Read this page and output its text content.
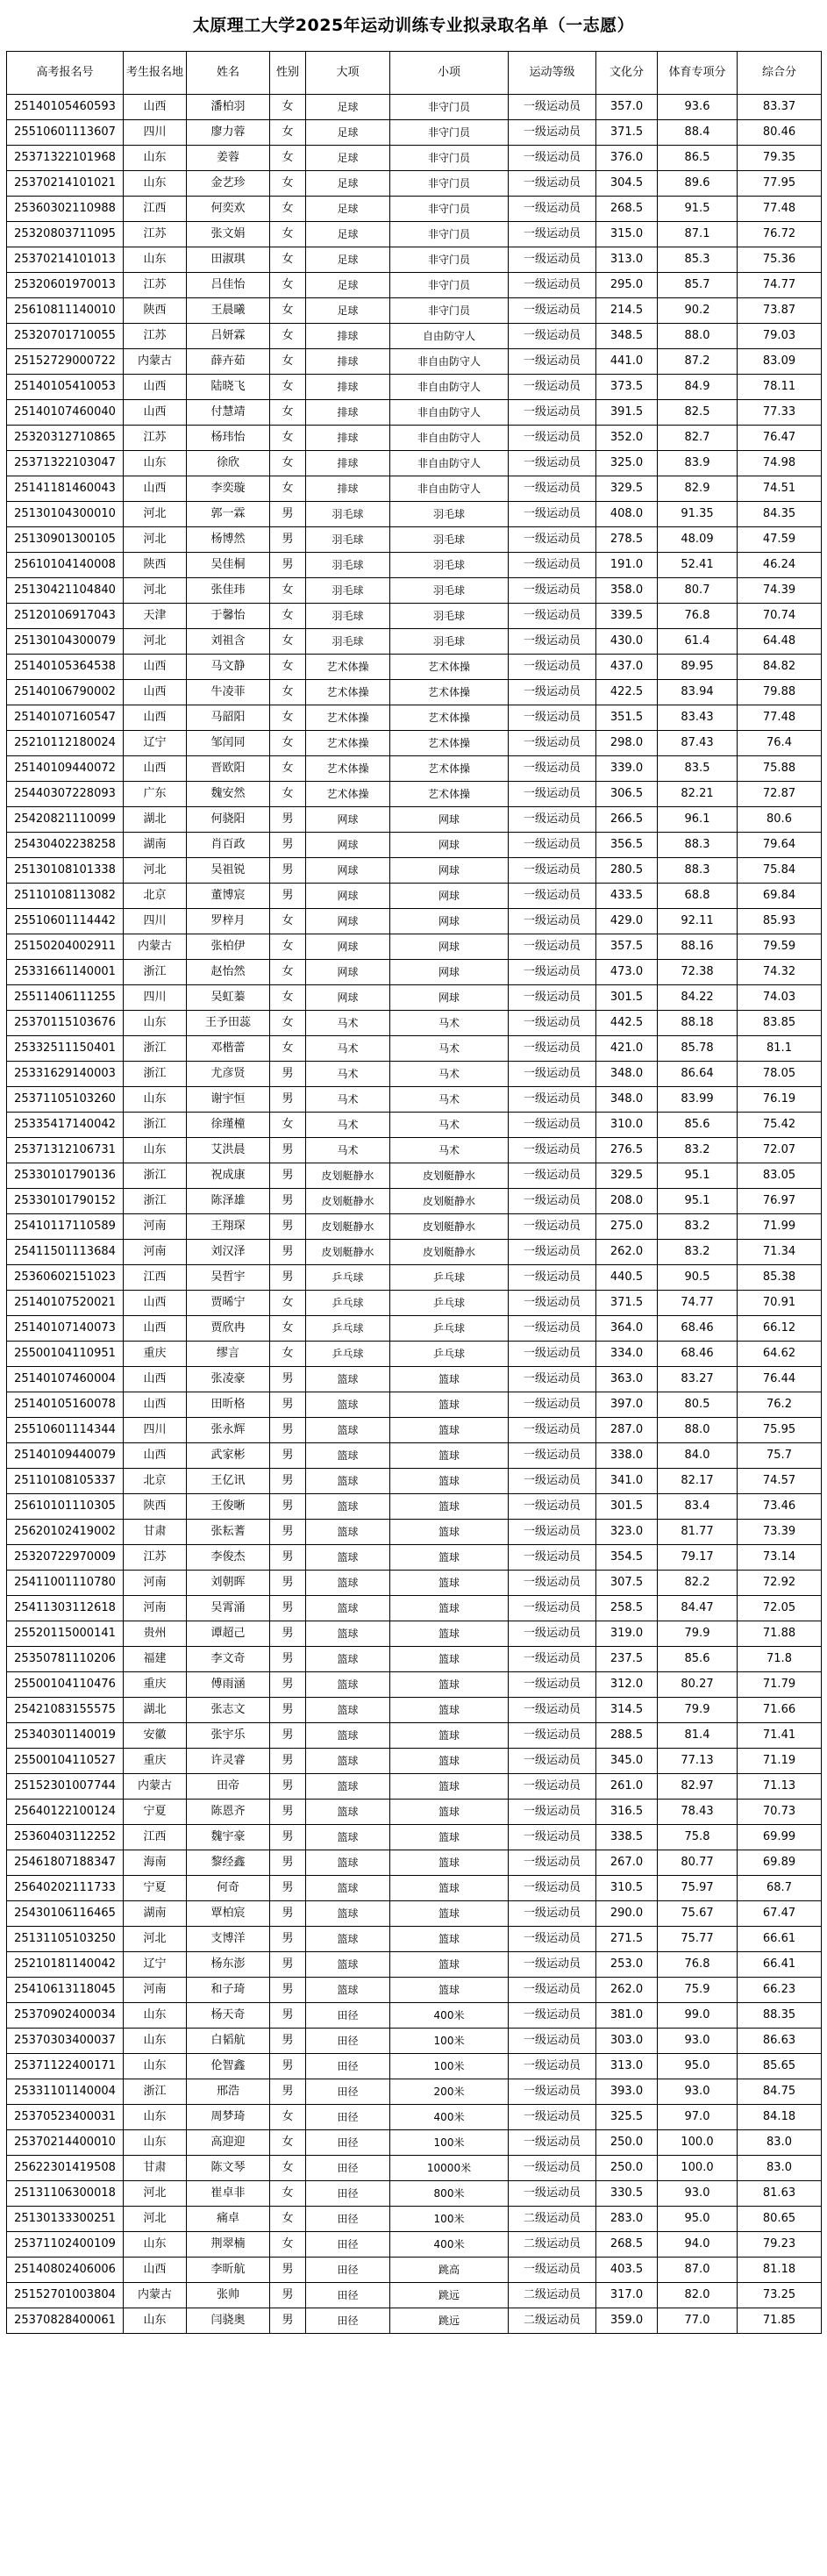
太原理工大学2025年运动训练专业拟录取名单（一志愿）
高考报名号	考生报名地	姓名	性别	大项	小项	运动等级	文化分	体育专项分	综合分
25140105460593	山西	潘柏羽	女	足球	非守门员	一级运动员	357.0	93.6	83.37
25510601113607	四川	廖力蓉	女	足球	非守门员	一级运动员	371.5	88.4	80.46
25371322101968	山东	姜蓉	女	足球	非守门员	一级运动员	376.0	86.5	79.35
25370214101021	山东	金艺珍	女	足球	非守门员	一级运动员	304.5	89.6	77.95
25360302110988	江西	何奕欢	女	足球	非守门员	一级运动员	268.5	91.5	77.48
25320803711095	江苏	张文娟	女	足球	非守门员	一级运动员	315.0	87.1	76.72
25370214101013	山东	田淑琪	女	足球	非守门员	一级运动员	313.0	85.3	75.36
25320601970013	江苏	吕佳怡	女	足球	非守门员	一级运动员	295.0	85.7	74.77
25610811140010	陕西	王晨曦	女	足球	非守门员	一级运动员	214.5	90.2	73.87
25320701710055	江苏	吕妍霖	女	排球	自由防守人	一级运动员	348.5	88.0	79.03
25152729000722	内蒙古	薛卉茹	女	排球	非自由防守人	一级运动员	441.0	87.2	83.09
25140105410053	山西	陆晓飞	女	排球	非自由防守人	一级运动员	373.5	84.9	78.11
25140107460040	山西	付慧靖	女	排球	非自由防守人	一级运动员	391.5	82.5	77.33
25320312710865	江苏	杨玮怡	女	排球	非自由防守人	一级运动员	352.0	82.7	76.47
25371322103047	山东	徐欣	女	排球	非自由防守人	一级运动员	325.0	83.9	74.98
25141181460043	山西	李奕璇	女	排球	非自由防守人	一级运动员	329.5	82.9	74.51
25130104300010	河北	郭一霖	男	羽毛球	羽毛球	一级运动员	408.0	91.35	84.35
25130901300105	河北	杨博然	男	羽毛球	羽毛球	一级运动员	278.5	48.09	47.59
25610104140008	陕西	吴佳桐	男	羽毛球	羽毛球	一级运动员	191.0	52.41	46.24
25130421104840	河北	张佳玮	女	羽毛球	羽毛球	一级运动员	358.0	80.7	74.39
25120106917043	天津	于馨怡	女	羽毛球	羽毛球	一级运动员	339.5	76.8	70.74
25130104300079	河北	刘祖含	女	羽毛球	羽毛球	一级运动员	430.0	61.4	64.48
25140105364538	山西	马文静	女	艺术体操	艺术体操	一级运动员	437.0	89.95	84.82
25140106790002	山西	牛凌菲	女	艺术体操	艺术体操	一级运动员	422.5	83.94	79.88
25140107160547	山西	马韶阳	女	艺术体操	艺术体操	一级运动员	351.5	83.43	77.48
25210112180024	辽宁	邹闰同	女	艺术体操	艺术体操	一级运动员	298.0	87.43	76.4
25140109440072	山西	晋欧阳	女	艺术体操	艺术体操	一级运动员	339.0	83.5	75.88
25440307228093	广东	魏安然	女	艺术体操	艺术体操	一级运动员	306.5	82.21	72.87
25420821110099	湖北	何骁阳	男	网球	网球	一级运动员	266.5	96.1	80.6
25430402238258	湖南	肖百政	男	网球	网球	一级运动员	356.5	88.3	79.64
25130108101338	河北	吴祖锐	男	网球	网球	一级运动员	280.5	88.3	75.84
25110108113082	北京	董博宸	男	网球	网球	一级运动员	433.5	68.8	69.84
25510601114442	四川	罗梓月	女	网球	网球	一级运动员	429.0	92.11	85.93
25150204002911	内蒙古	张柏伊	女	网球	网球	一级运动员	357.5	88.16	79.59
25331661140001	浙江	赵怡然	女	网球	网球	一级运动员	473.0	72.38	74.32
25511406111255	四川	吴虹蓁	女	网球	网球	一级运动员	301.5	84.22	74.03
25370115103676	山东	王予田蕊	女	马术	马术	一级运动员	442.5	88.18	83.85
25332511150401	浙江	邓楷蕾	女	马术	马术	一级运动员	421.0	85.78	81.1
25331629140003	浙江	尤彦贤	男	马术	马术	一级运动员	348.0	86.64	78.05
25371105103260	山东	谢宇恒	男	马术	马术	一级运动员	348.0	83.99	76.19
25335417140042	浙江	徐瑾橦	女	马术	马术	一级运动员	310.0	85.6	75.42
25371312106731	山东	艾洪晨	男	马术	马术	一级运动员	276.5	83.2	72.07
25330101790136	浙江	祝成康	男	皮划艇静水	皮划艇静水	一级运动员	329.5	95.1	83.05
25330101790152	浙江	陈泽雄	男	皮划艇静水	皮划艇静水	一级运动员	208.0	95.1	76.97
25410117110589	河南	王翔琛	男	皮划艇静水	皮划艇静水	一级运动员	275.0	83.2	71.99
25411501113684	河南	刘汉泽	男	皮划艇静水	皮划艇静水	一级运动员	262.0	83.2	71.34
25360602151023	江西	吴哲宇	男	乒乓球	乒乓球	一级运动员	440.5	90.5	85.38
25140107520021	山西	贾晞宁	女	乒乓球	乒乓球	一级运动员	371.5	74.77	70.91
25140107140073	山西	贾欣冉	女	乒乓球	乒乓球	一级运动员	364.0	68.46	66.12
25500104110951	重庆	缪言	女	乒乓球	乒乓球	一级运动员	334.0	68.46	64.62
25140107460004	山西	张凌豪	男	篮球	篮球	一级运动员	363.0	83.27	76.44
25140105160078	山西	田昕格	男	篮球	篮球	一级运动员	397.0	80.5	76.2
25510601114344	四川	张永辉	男	篮球	篮球	一级运动员	287.0	88.0	75.95
25140109440079	山西	武家彬	男	篮球	篮球	一级运动员	338.0	84.0	75.7
25110108105337	北京	王亿讯	男	篮球	篮球	一级运动员	341.0	82.17	74.57
25610101110305	陕西	王俊晰	男	篮球	篮球	一级运动员	301.5	83.4	73.46
25620102419002	甘肃	张耘蓍	男	篮球	篮球	一级运动员	323.0	81.77	73.39
25320722970009	江苏	李俊杰	男	篮球	篮球	一级运动员	354.5	79.17	73.14
25411001110780	河南	刘朝晖	男	篮球	篮球	一级运动员	307.5	82.2	72.92
25411303112618	河南	吴霄涌	男	篮球	篮球	一级运动员	258.5	84.47	72.05
25520115000141	贵州	谭超己	男	篮球	篮球	一级运动员	319.0	79.9	71.88
25350781110206	福建	李文奇	男	篮球	篮球	一级运动员	237.5	85.6	71.8
25500104110476	重庆	傅雨涵	男	篮球	篮球	一级运动员	312.0	80.27	71.79
25421083155575	湖北	张志文	男	篮球	篮球	一级运动员	314.5	79.9	71.66
25340301140019	安徽	张宇乐	男	篮球	篮球	一级运动员	288.5	81.4	71.41
25500104110527	重庆	许灵睿	男	篮球	篮球	一级运动员	345.0	77.13	71.19
25152301007744	内蒙古	田帝	男	篮球	篮球	一级运动员	261.0	82.97	71.13
25640122100124	宁夏	陈恩齐	男	篮球	篮球	一级运动员	316.5	78.43	70.73
25360403112252	江西	魏宇豪	男	篮球	篮球	一级运动员	338.5	75.8	69.99
25461807188347	海南	黎经鑫	男	篮球	篮球	一级运动员	267.0	80.77	69.89
25640202111733	宁夏	何奇	男	篮球	篮球	一级运动员	310.5	75.97	68.7
25430106116465	湖南	覃柏宸	男	篮球	篮球	一级运动员	290.0	75.67	67.47
25131105103250	河北	支博洋	男	篮球	篮球	一级运动员	271.5	75.77	66.61
25210181140042	辽宁	杨东澎	男	篮球	篮球	一级运动员	253.0	76.8	66.41
25410613118045	河南	和子琦	男	篮球	篮球	一级运动员	262.0	75.9	66.23
25370902400034	山东	杨天奇	男	田径	400米	一级运动员	381.0	99.0	88.35
25370303400037	山东	白韬航	男	田径	100米	一级运动员	303.0	93.0	86.63
25371122400171	山东	伦智鑫	男	田径	100米	一级运动员	313.0	95.0	85.65
25331101140004	浙江	邢浩	男	田径	200米	一级运动员	393.0	93.0	84.75
25370523400031	山东	周梦琦	女	田径	400米	一级运动员	325.5	97.0	84.18
25370214400010	山东	高迎迎	女	田径	100米	一级运动员	250.0	100.0	83.0
25622301419508	甘肃	陈文琴	女	田径	10000米	一级运动员	250.0	100.0	83.0
25131106300018	河北	崔卓非	女	田径	800米	一级运动员	330.5	93.0	81.63
25130133300251	河北	痛卓	女	田径	100米	二级运动员	283.0	95.0	80.65
25371102400109	山东	荆翠楠	女	田径	400米	二级运动员	268.5	94.0	79.23
25140802406006	山西	李昕航	男	田径	跳高	一级运动员	403.5	87.0	81.18
25152701003804	内蒙古	张帅	男	田径	跳远	二级运动员	317.0	82.0	73.25
25370828400061	山东	闫骁奥	男	田径	跳远	二级运动员	359.0	77.0	71.85
